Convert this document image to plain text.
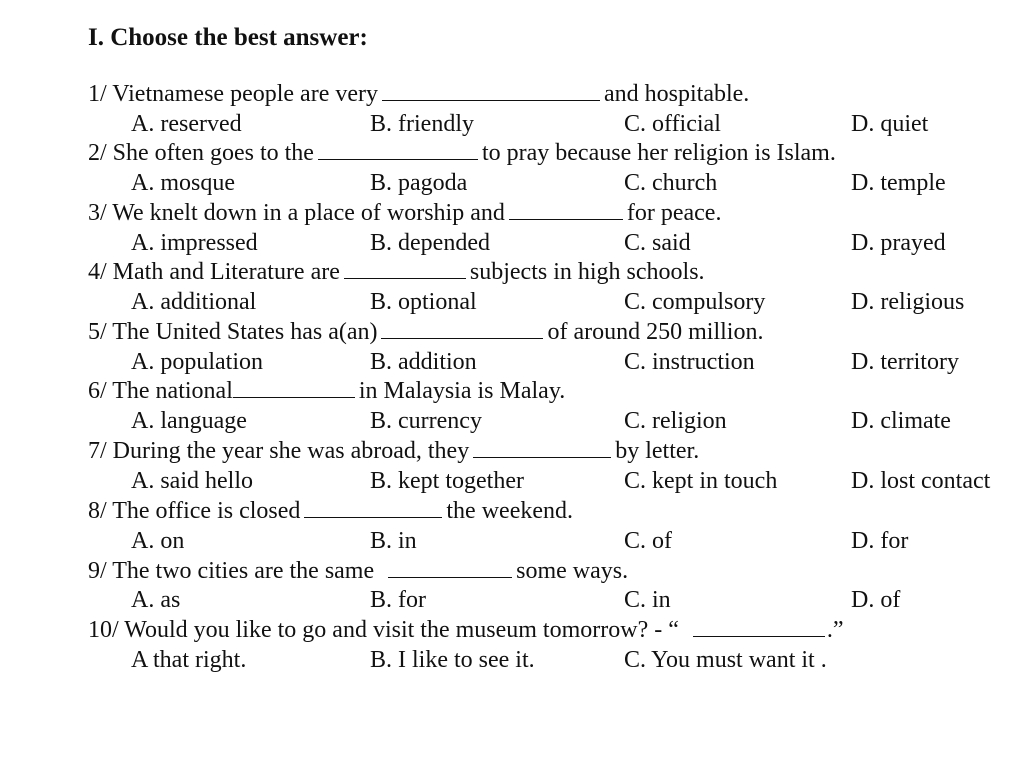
I. Choose the best answer:
1/ Vietnamese people are very	and hospitable.
A. reserved	B. friendly	C. official	D. quiet
2/ She often goes to the	to pray because her religion is Islam.
A. mosque	B. pagoda	C. church	D. temple
3/ We knelt down in a place of worship and	for peace.
A. impressed	B. depended	C. said	D. prayed
4/ Math and Literature are	subjects in high schools.
A. additional	B. optional	C. compulsory	D. religious
5/ The United States has a(an)	of around 250 million.
A. population	B. addition	C. instruction	D. territory
6/ The national	in Malaysia is Malay.
A. language	B. currency	C. religion	D. climate
7/ During the year she was abroad, they	by letter.
A. said hello	B. kept together	C. kept in touch	D. lost contact
8/ The office is closed	the weekend.
A. on	B. in	C. of	D. for
9/ The two cities are the same	some ways.
A. as	B. for	C. in	D. of
10/ Would you like to go and visit the museum tomorrow? - “	.”
A that right.	B. I like to see it.	C. You must want it .
